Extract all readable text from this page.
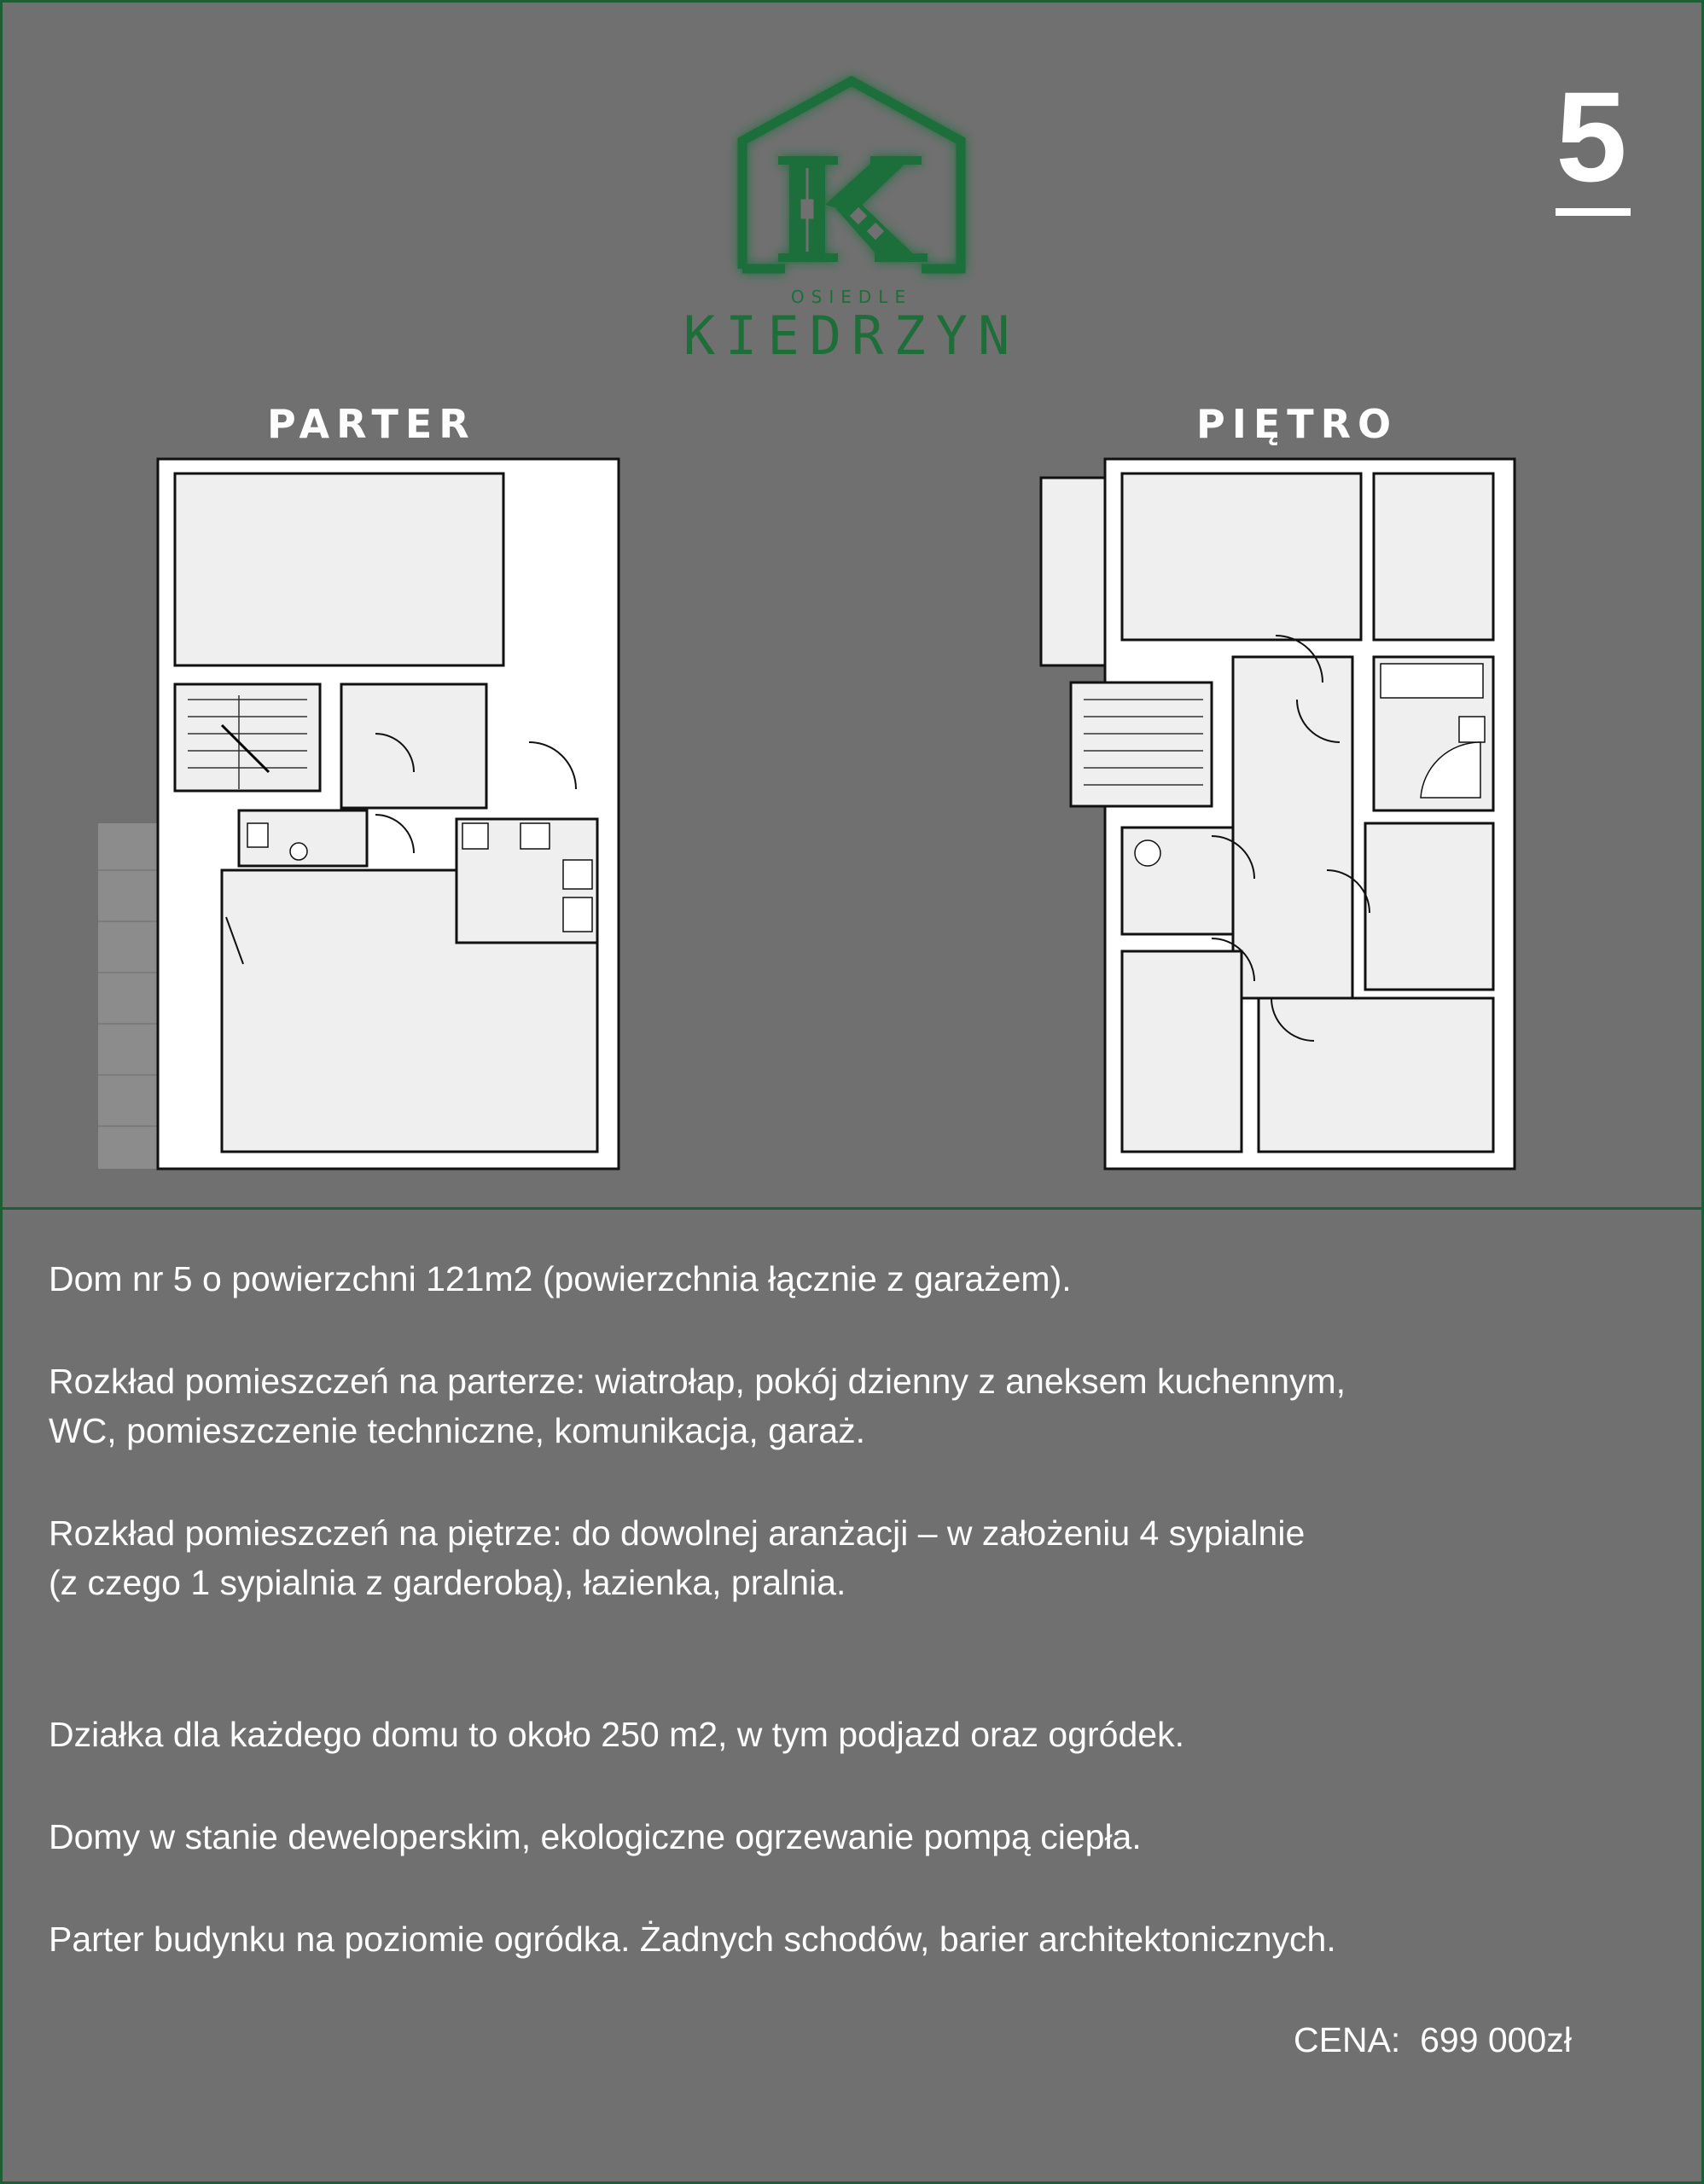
OSIEDLE
KIEDRZYN
5
PARTER	PIĘTRO

Dom nr 5 o powierzchni 121m2 (powierzchnia łącznie z garażem).

Rozkład pomieszczeń na parterze: wiatrołap, pokój dzienny z aneksem kuchennym,

WC, pomieszczenie techniczne, komunikacja, garaż.

Rozkład pomieszczeń na piętrze: do dowolnej aranżacji – w założeniu 4 sypialnie

(z czego 1 sypialnia z garderobą), łazienka, pralnia.

Działka dla każdego domu to około 250 m2, w tym podjazd oraz ogródek.

Domy w stanie deweloperskim, ekologiczne ogrzewanie pompą ciepła.

Parter budynku na poziomie ogródka. Żadnych schodów, barier architektonicznych.

CENA:  699 000zł
